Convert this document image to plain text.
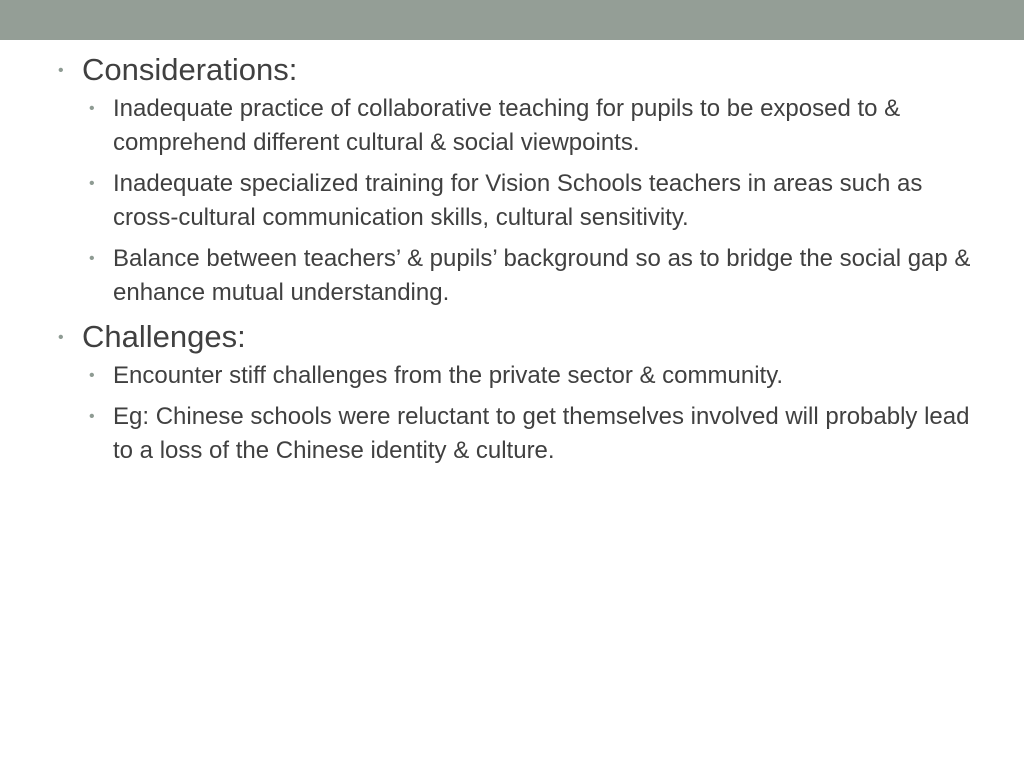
• Considerations:
• Inadequate practice of collaborative teaching for pupils to be exposed to & comprehend different cultural & social viewpoints.
• Inadequate specialized training for Vision Schools teachers in areas such as cross-cultural communication skills, cultural sensitivity.
• Balance between teachers’ & pupils’ background so as to bridge the social gap & enhance mutual understanding.
• Challenges:
• Encounter stiff challenges from the private sector & community.
• Eg: Chinese schools were reluctant to get themselves involved will probably lead to a loss of the Chinese identity & culture.
